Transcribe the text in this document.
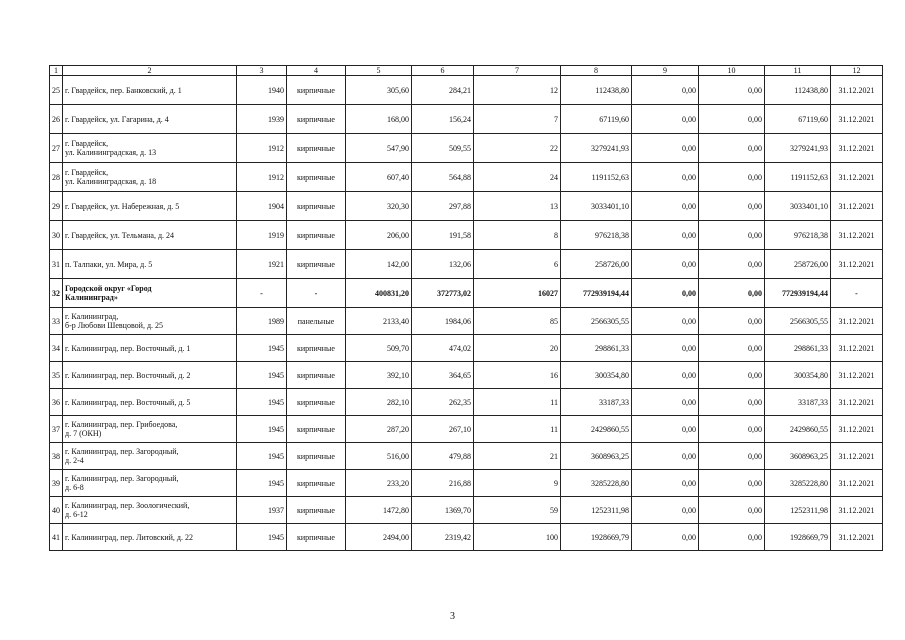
1	2	3	4	5	6	7	8	9	10	11	12
25	г. Гвардейск, пер. Банковский, д. 1	1940	кирпичные	305,60	284,21	12	112438,80	0,00	0,00	112438,80	31.12.2021
26	г. Гвардейск, ул. Гагарина, д. 4	1939	кирпичные	168,00	156,24	7	67119,60	0,00	0,00	67119,60	31.12.2021
27	г. Гвардейск,
ул. Калининградская, д. 13	1912	кирпичные	547,90	509,55	22	3279241,93	0,00	0,00	3279241,93	31.12.2021
28	г. Гвардейск,
ул. Калининградская, д. 18	1912	кирпичные	607,40	564,88	24	1191152,63	0,00	0,00	1191152,63	31.12.2021
29	г. Гвардейск, ул. Набережная, д. 5	1904	кирпичные	320,30	297,88	13	3033401,10	0,00	0,00	3033401,10	31.12.2021
30	г. Гвардейск, ул. Тельмана, д. 24	1919	кирпичные	206,00	191,58	8	976218,38	0,00	0,00	976218,38	31.12.2021
31	п. Талпаки, ул. Мира, д. 5	1921	кирпичные	142,00	132,06	6	258726,00	0,00	0,00	258726,00	31.12.2021
32	Городской округ «Город
Калининград»	-	-	400831,20	372773,02	16027	772939194,44	0,00	0,00	772939194,44	-
33	г. Калининград,
б-р Любови Шевцовой, д. 25	1989	панельные	2133,40	1984,06	85	2566305,55	0,00	0,00	2566305,55	31.12.2021
34	г. Калининград, пер. Восточный, д. 1	1945	кирпичные	509,70	474,02	20	298861,33	0,00	0,00	298861,33	31.12.2021
35	г. Калининград, пер. Восточный, д. 2	1945	кирпичные	392,10	364,65	16	300354,80	0,00	0,00	300354,80	31.12.2021
36	г. Калининград, пер. Восточный, д. 5	1945	кирпичные	282,10	262,35	11	33187,33	0,00	0,00	33187,33	31.12.2021
37	г. Калининград, пер. Грибоедова,
д. 7 (ОКН)	1945	кирпичные	287,20	267,10	11	2429860,55	0,00	0,00	2429860,55	31.12.2021
38	г. Калининград, пер. Загородный,
д. 2-4	1945	кирпичные	516,00	479,88	21	3608963,25	0,00	0,00	3608963,25	31.12.2021
39	г. Калининград, пер. Загородный,
д. 6-8	1945	кирпичные	233,20	216,88	9	3285228,80	0,00	0,00	3285228,80	31.12.2021
40	г. Калининград, пер. Зоологический,
д. 6-12	1937	кирпичные	1472,80	1369,70	59	1252311,98	0,00	0,00	1252311,98	31.12.2021
41	г. Калининград, пер. Литовский, д. 22	1945	кирпичные	2494,00	2319,42	100	1928669,79	0,00	0,00	1928669,79	31.12.2021
3
